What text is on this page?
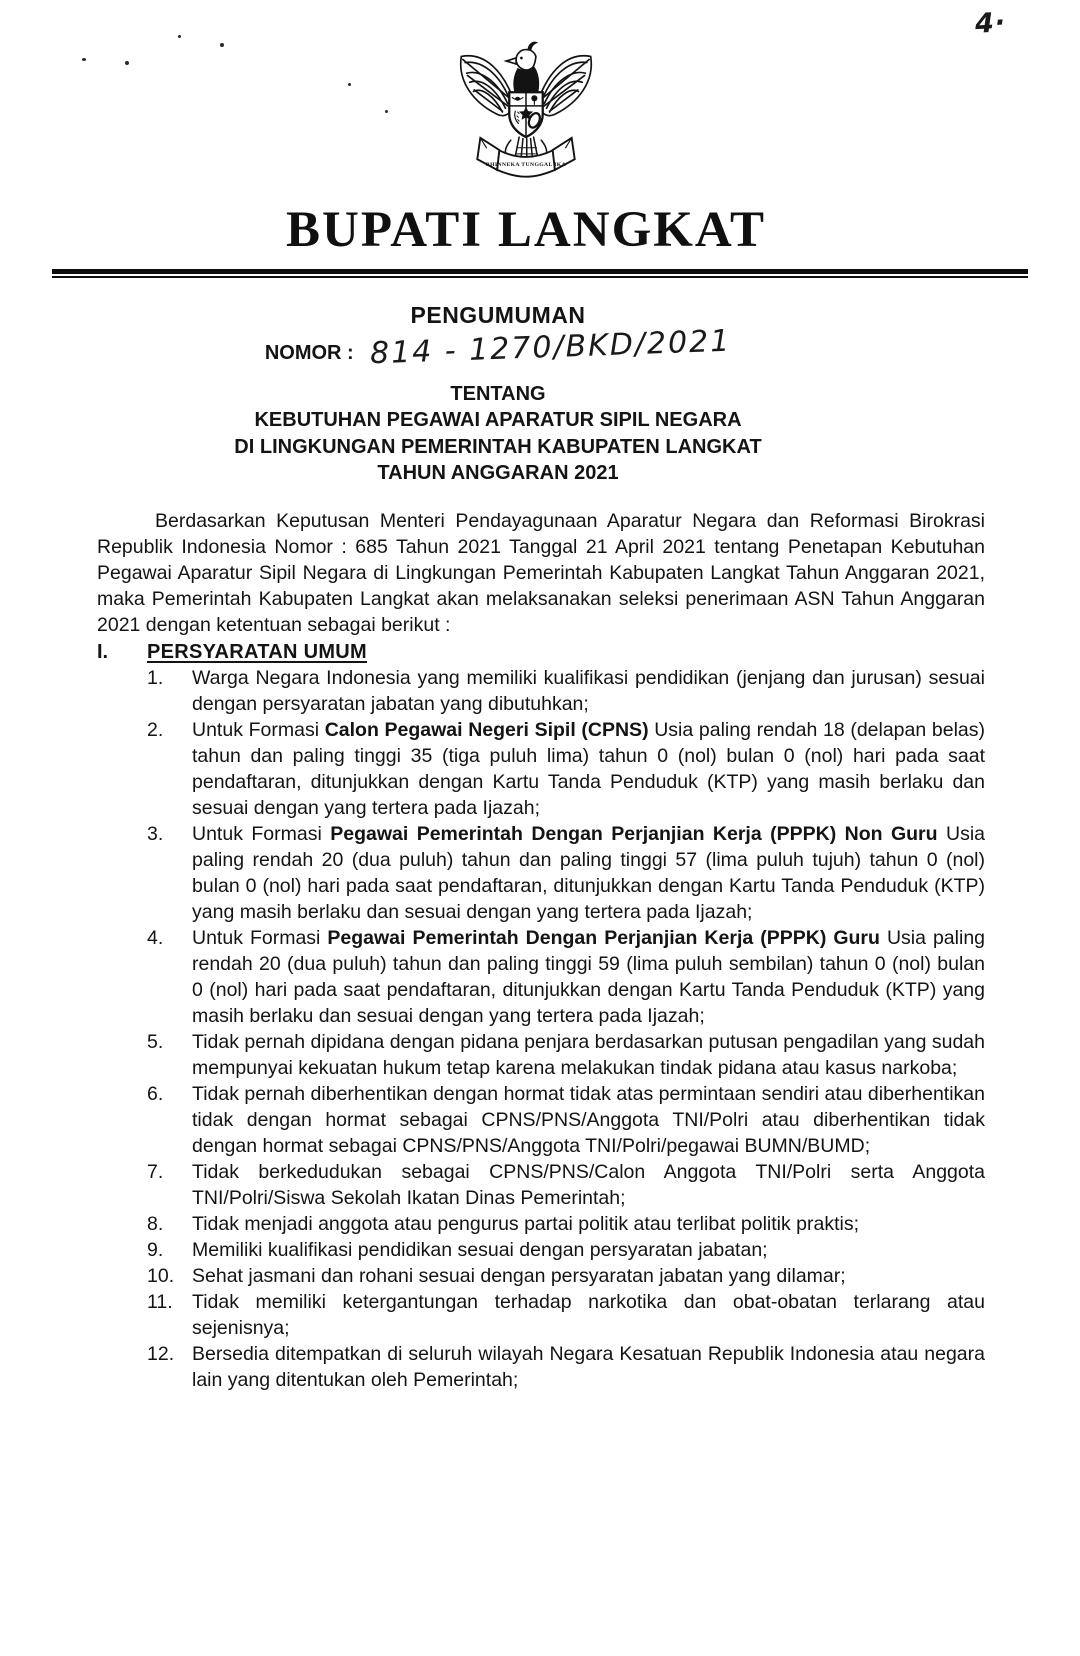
4·
BHINNEKA TUNGGAL IKA
BUPATI LANGKAT
PENGUMUMAN
NOMOR : 814 - 1270/BKD/2021
TENTANG
KEBUTUHAN PEGAWAI APARATUR SIPIL NEGARA
DI LINGKUNGAN PEMERINTAH KABUPATEN LANGKAT
TAHUN ANGGARAN 2021

Berdasarkan Keputusan Menteri Pendayagunaan Aparatur Negara dan Reformasi Birokrasi Republik Indonesia Nomor : 685 Tahun 2021 Tanggal 21 April 2021 tentang Penetapan Kebutuhan Pegawai Aparatur Sipil Negara di Lingkungan Pemerintah Kabupaten Langkat Tahun Anggaran 2021, maka Pemerintah Kabupaten Langkat akan melaksanakan seleksi penerimaan ASN Tahun Anggaran 2021 dengan ketentuan sebagai berikut :

I.	PERSYARATAN UMUM
1.	Warga Negara Indonesia yang memiliki kualifikasi pendidikan (jenjang dan jurusan) sesuai dengan persyaratan jabatan yang dibutuhkan;
2.	Untuk Formasi Calon Pegawai Negeri Sipil (CPNS) Usia paling rendah 18 (delapan belas) tahun dan paling tinggi 35 (tiga puluh lima) tahun 0 (nol) bulan 0 (nol) hari pada saat pendaftaran, ditunjukkan dengan Kartu Tanda Penduduk (KTP) yang masih berlaku dan sesuai dengan yang tertera pada Ijazah;
3.	Untuk Formasi Pegawai Pemerintah Dengan Perjanjian Kerja (PPPK) Non Guru Usia paling rendah 20 (dua puluh) tahun dan paling tinggi 57 (lima puluh tujuh) tahun 0 (nol) bulan 0 (nol) hari pada saat pendaftaran, ditunjukkan dengan Kartu Tanda Penduduk (KTP) yang masih berlaku dan sesuai dengan yang tertera pada Ijazah;
4.	Untuk Formasi Pegawai Pemerintah Dengan Perjanjian Kerja (PPPK) Guru Usia paling rendah 20 (dua puluh) tahun dan paling tinggi 59 (lima puluh sembilan) tahun 0 (nol) bulan 0 (nol) hari pada saat pendaftaran, ditunjukkan dengan Kartu Tanda Penduduk (KTP) yang masih berlaku dan sesuai dengan yang tertera pada Ijazah;
5.	Tidak pernah dipidana dengan pidana penjara berdasarkan putusan pengadilan yang sudah mempunyai kekuatan hukum tetap karena melakukan tindak pidana atau kasus narkoba;
6.	Tidak pernah diberhentikan dengan hormat tidak atas permintaan sendiri atau diberhentikan tidak dengan hormat sebagai CPNS/PNS/Anggota TNI/Polri atau diberhentikan tidak dengan hormat sebagai CPNS/PNS/Anggota TNI/Polri/pegawai BUMN/BUMD;
7.	Tidak berkedudukan sebagai CPNS/PNS/Calon Anggota TNI/Polri serta Anggota TNI/Polri/Siswa Sekolah Ikatan Dinas Pemerintah;
8.	Tidak menjadi anggota atau pengurus partai politik atau terlibat politik praktis;
9.	Memiliki kualifikasi pendidikan sesuai dengan persyaratan jabatan;
10. Sehat jasmani dan rohani sesuai dengan persyaratan jabatan yang dilamar;
11. Tidak memiliki ketergantungan terhadap narkotika dan obat-obatan terlarang atau sejenisnya;
12. Bersedia ditempatkan di seluruh wilayah Negara Kesatuan Republik Indonesia atau negara lain yang ditentukan oleh Pemerintah;
